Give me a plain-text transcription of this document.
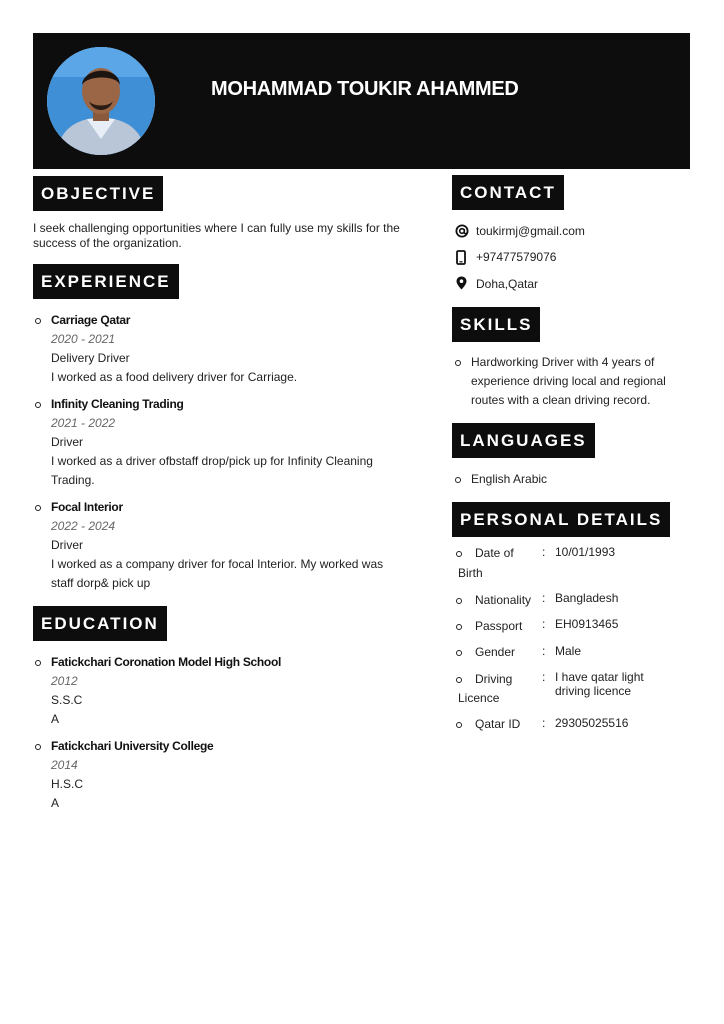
MOHAMMAD TOUKIR AHAMMED
OBJECTIVE
I seek challenging opportunities where I can fully use my skills for the
success of the organization.
EXPERIENCE
Carriage Qatar
2020 - 2021
Delivery Driver
I worked as a food delivery driver for Carriage.
Infinity Cleaning Trading
2021 - 2022
Driver
I worked as a driver ofbstaff drop/pick up for Infinity Cleaning
Trading.
Focal Interior
2022 - 2024
Driver
I worked as a company driver for focal Interior. My worked was
staff dorp& pick up
EDUCATION
Fatickchari Coronation Model High School
2012
S.S.C
A
Fatickchari University College
2014
H.S.C
A
CONTACT
toukirmj@gmail.com
+97477579076
Doha,Qatar
SKILLS
Hardworking Driver with 4 years of
experience driving local and regional
routes with a clean driving record.
LANGUAGES
English Arabic
PERSONAL DETAILS
Date of
Birth
: 10/01/1993
Nationality : Bangladesh
Passport : EH0913465
Gender : Male
Driving
Licence
: I have qatar light
driving licence
Qatar ID : 29305025516
